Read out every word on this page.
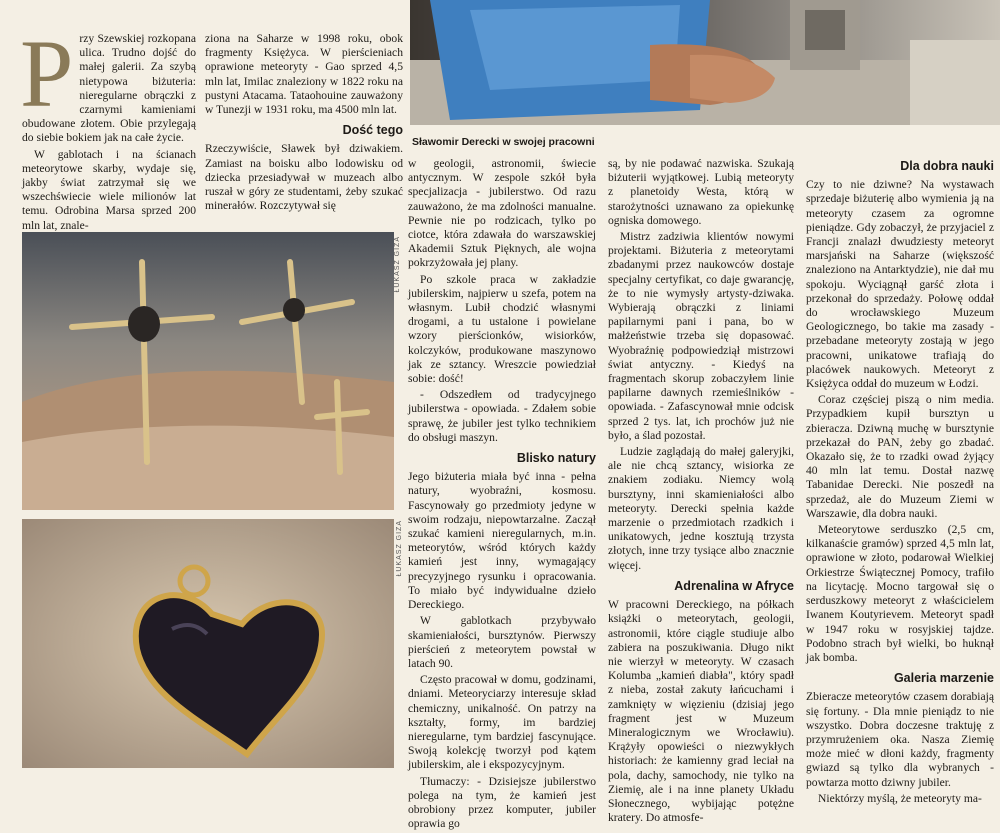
Przy Szewskiej rozkopana ulica. Trudno dojść do małej galerii. Za szybą nietypowa biżuteria: nieregularne obrączki z czarnymi kamieniami obudowane złotem. Obie przylegają do siebie bokiem jak na całe życie.

W gablotach i na ścianach meteorytowe skarby, wydaje się, jakby świat zatrzymał się we wszechświecie wiele milionów lat temu. Odrobina Marsa sprzed 200 mln lat, znale-

ziona na Saharze w 1998 roku, obok fragmenty Księżyca. W pierścieniach oprawione meteoryty - Gao sprzed 4,5 mln lat, Imilac znaleziony w 1822 roku na pustyni Atacama. Tataohouine zauważony w Tunezji w 1931 roku, ma 4500 mln lat.

Dość tego

Rzeczywiście, Sławek był dziwakiem. Zamiast na boisku albo lodowisku od dziecka przesiadywał w muzeach albo ruszał w góry ze studentami, żeby szukać minerałów. Rozczytywał się

Sławomir Derecki w swojej pracowni
ŁUKASZ GIZA
ŁUKASZ GIZA

w geologii, astronomii, świecie antycznym. W zespole szkół była specjalizacja - jubilerstwo. Od razu zauważono, że ma zdolności manualne. Pewnie nie po rodzicach, tylko po ciotce, która zdawała do warszawskiej Akademii Sztuk Pięknych, ale wojna pokrzyżowała jej plany.

Po szkole praca w zakładzie jubilerskim, najpierw u szefa, potem na własnym. Lubił chodzić własnymi drogami, a tu ustalone i powielane wzory pierścionków, wisiorków, kolczyków, produkowane maszynowo jak ze sztancy. Wreszcie powiedział sobie: dość!

- Odszedłem od tradycyjnego jubilerstwa - opowiada. - Zdałem sobie sprawę, że jubiler jest tylko technikiem do obsługi maszyn.

Blisko natury

Jego biżuteria miała być inna - pełna natury, wyobraźni, kosmosu. Fascynowały go przedmioty jedyne w swoim rodzaju, niepowtarzalne. Zaczął szukać kamieni nieregularnych, m.in. meteorytów, wśród których każdy kamień jest inny, wymagający precyzyjnego rysunku i opracowania. To miało być indywidualne dzieło Dereckiego.

W gablotkach przybywało skamieniałości, bursztynów. Pierwszy pierścień z meteorytem powstał w latach 90.

Często pracował w domu, godzinami, dniami. Meteoryciarzy interesuje skład chemiczny, unikalność. On patrzy na kształty, formy, im bardziej nieregularne, tym bardziej fascynujące. Swoją kolekcję tworzył pod kątem jubilerskim, ale i ekspozycyjnym.

Tłumaczy: - Dzisiejsze jubilerstwo polega na tym, że kamień jest obrobiony przez komputer, jubiler oprawia go

są, by nie podawać nazwiska. Szukają biżuterii wyjątkowej. Lubią meteoryty z planetoidy Westa, którą w starożytności uznawano za opiekunkę ogniska domowego.

Mistrz zadziwia klientów nowymi projektami. Biżuteria z meteorytami zbadanymi przez naukowców dostaje specjalny certyfikat, co daje gwarancję, że to nie wymysły artysty-dziwaka. Wybierają obrączki z liniami papilarnymi pani i pana, bo w małżeństwie trzeba się dopasować. Wyobraźnię podpowiedziął mistrzowi świat antyczny. - Kiedyś na fragmentach skorup zobaczyłem linie papilarne dawnych rzemieślników - opowiada. - Zafascynował mnie odcisk sprzed 2 tys. lat, ich prochów już nie było, a ślad pozostał.

Ludzie zaglądają do małej galeryjki, ale nie chcą sztancy, wisiorka ze znakiem zodiaku. Niemcy wolą bursztyny, inni skamieniałości albo meteoryty. Derecki spełnia każde marzenie o przedmiotach rzadkich i unikatowych, jedne kosztują trzysta złotych, inne trzy tysiące albo znacznie więcej.

Adrenalina w Afryce

W pracowni Dereckiego, na półkach książki o meteorytach, geologii, astronomii, które ciągle studiuje albo zabiera na poszukiwania. Długo nikt nie wierzył w meteoryty. W czasach Kolumba „kamień diabła", który spadł z nieba, został zakuty łańcuchami i zamknięty w więzieniu (dzisiaj jego fragment jest w Muzeum Mineralogicznym we Wrocławiu). Krążyły opowieści o niezwykłych historiach: że kamienny grad leciał na pola, dachy, samochody, nie tylko na Ziemię, ale i na inne planety Układu Słonecznego, wybijając potężne kratery. Do atmosfe-

Dla dobra nauki

Czy to nie dziwne? Na wystawach sprzedaje biżuterię albo wymienia ją na meteoryty czasem za ogromne pieniądze. Gdy zobaczył, że przyjaciel z Francji znalazł dwudziesty meteoryt marsjański na Saharze (większość znaleziono na Antarktydzie), nie dał mu spokoju. Wyciągnął garść złota i przekonał do sprzedaży. Połowę oddał do wrocławskiego Muzeum Geologicznego, bo takie ma zasady - przebadane meteoryty zostają w jego pracowni, unikatowe trafiają do placówek naukowych. Meteoryt z Księżyca oddał do muzeum w Łodzi.

Coraz częściej piszą o nim media. Przypadkiem kupił bursztyn u zbieracza. Dziwną muchę w bursztynie przekazał do PAN, żeby go zbadać. Okazało się, że to rzadki owad żyjący 40 mln lat temu. Dostał nazwę Tabanidae Derecki. Nie poszedł na sprzedaż, ale do Muzeum Ziemi w Warszawie, dla dobra nauki.

Meteorytowe serduszko (2,5 cm, kilkanaście gramów) sprzed 4,5 mln lat, oprawione w złoto, podarował Wielkiej Orkiestrze Świątecznej Pomocy, trafiło na licytację. Mocno targował się o serduszkowy meteoryt z właścicielem Iwanem Koutyrievem. Meteoryt spadł w 1947 roku w rosyjskiej tajdze. Podobno strach był wielki, bo huknął jak bomba.

Galeria marzenie

Zbieracze meteorytów czasem dorabiają się fortuny. - Dla mnie pieniądz to nie wszystko. Dobra doczesne traktuję z przymrużeniem oka. Nasza Ziemię może mieć w dłoni każdy, fragmenty gwiazd są tylko dla wybranych - powtarza motto dziwny jubiler.

Niektórzy myślą, że meteoryty ma-
